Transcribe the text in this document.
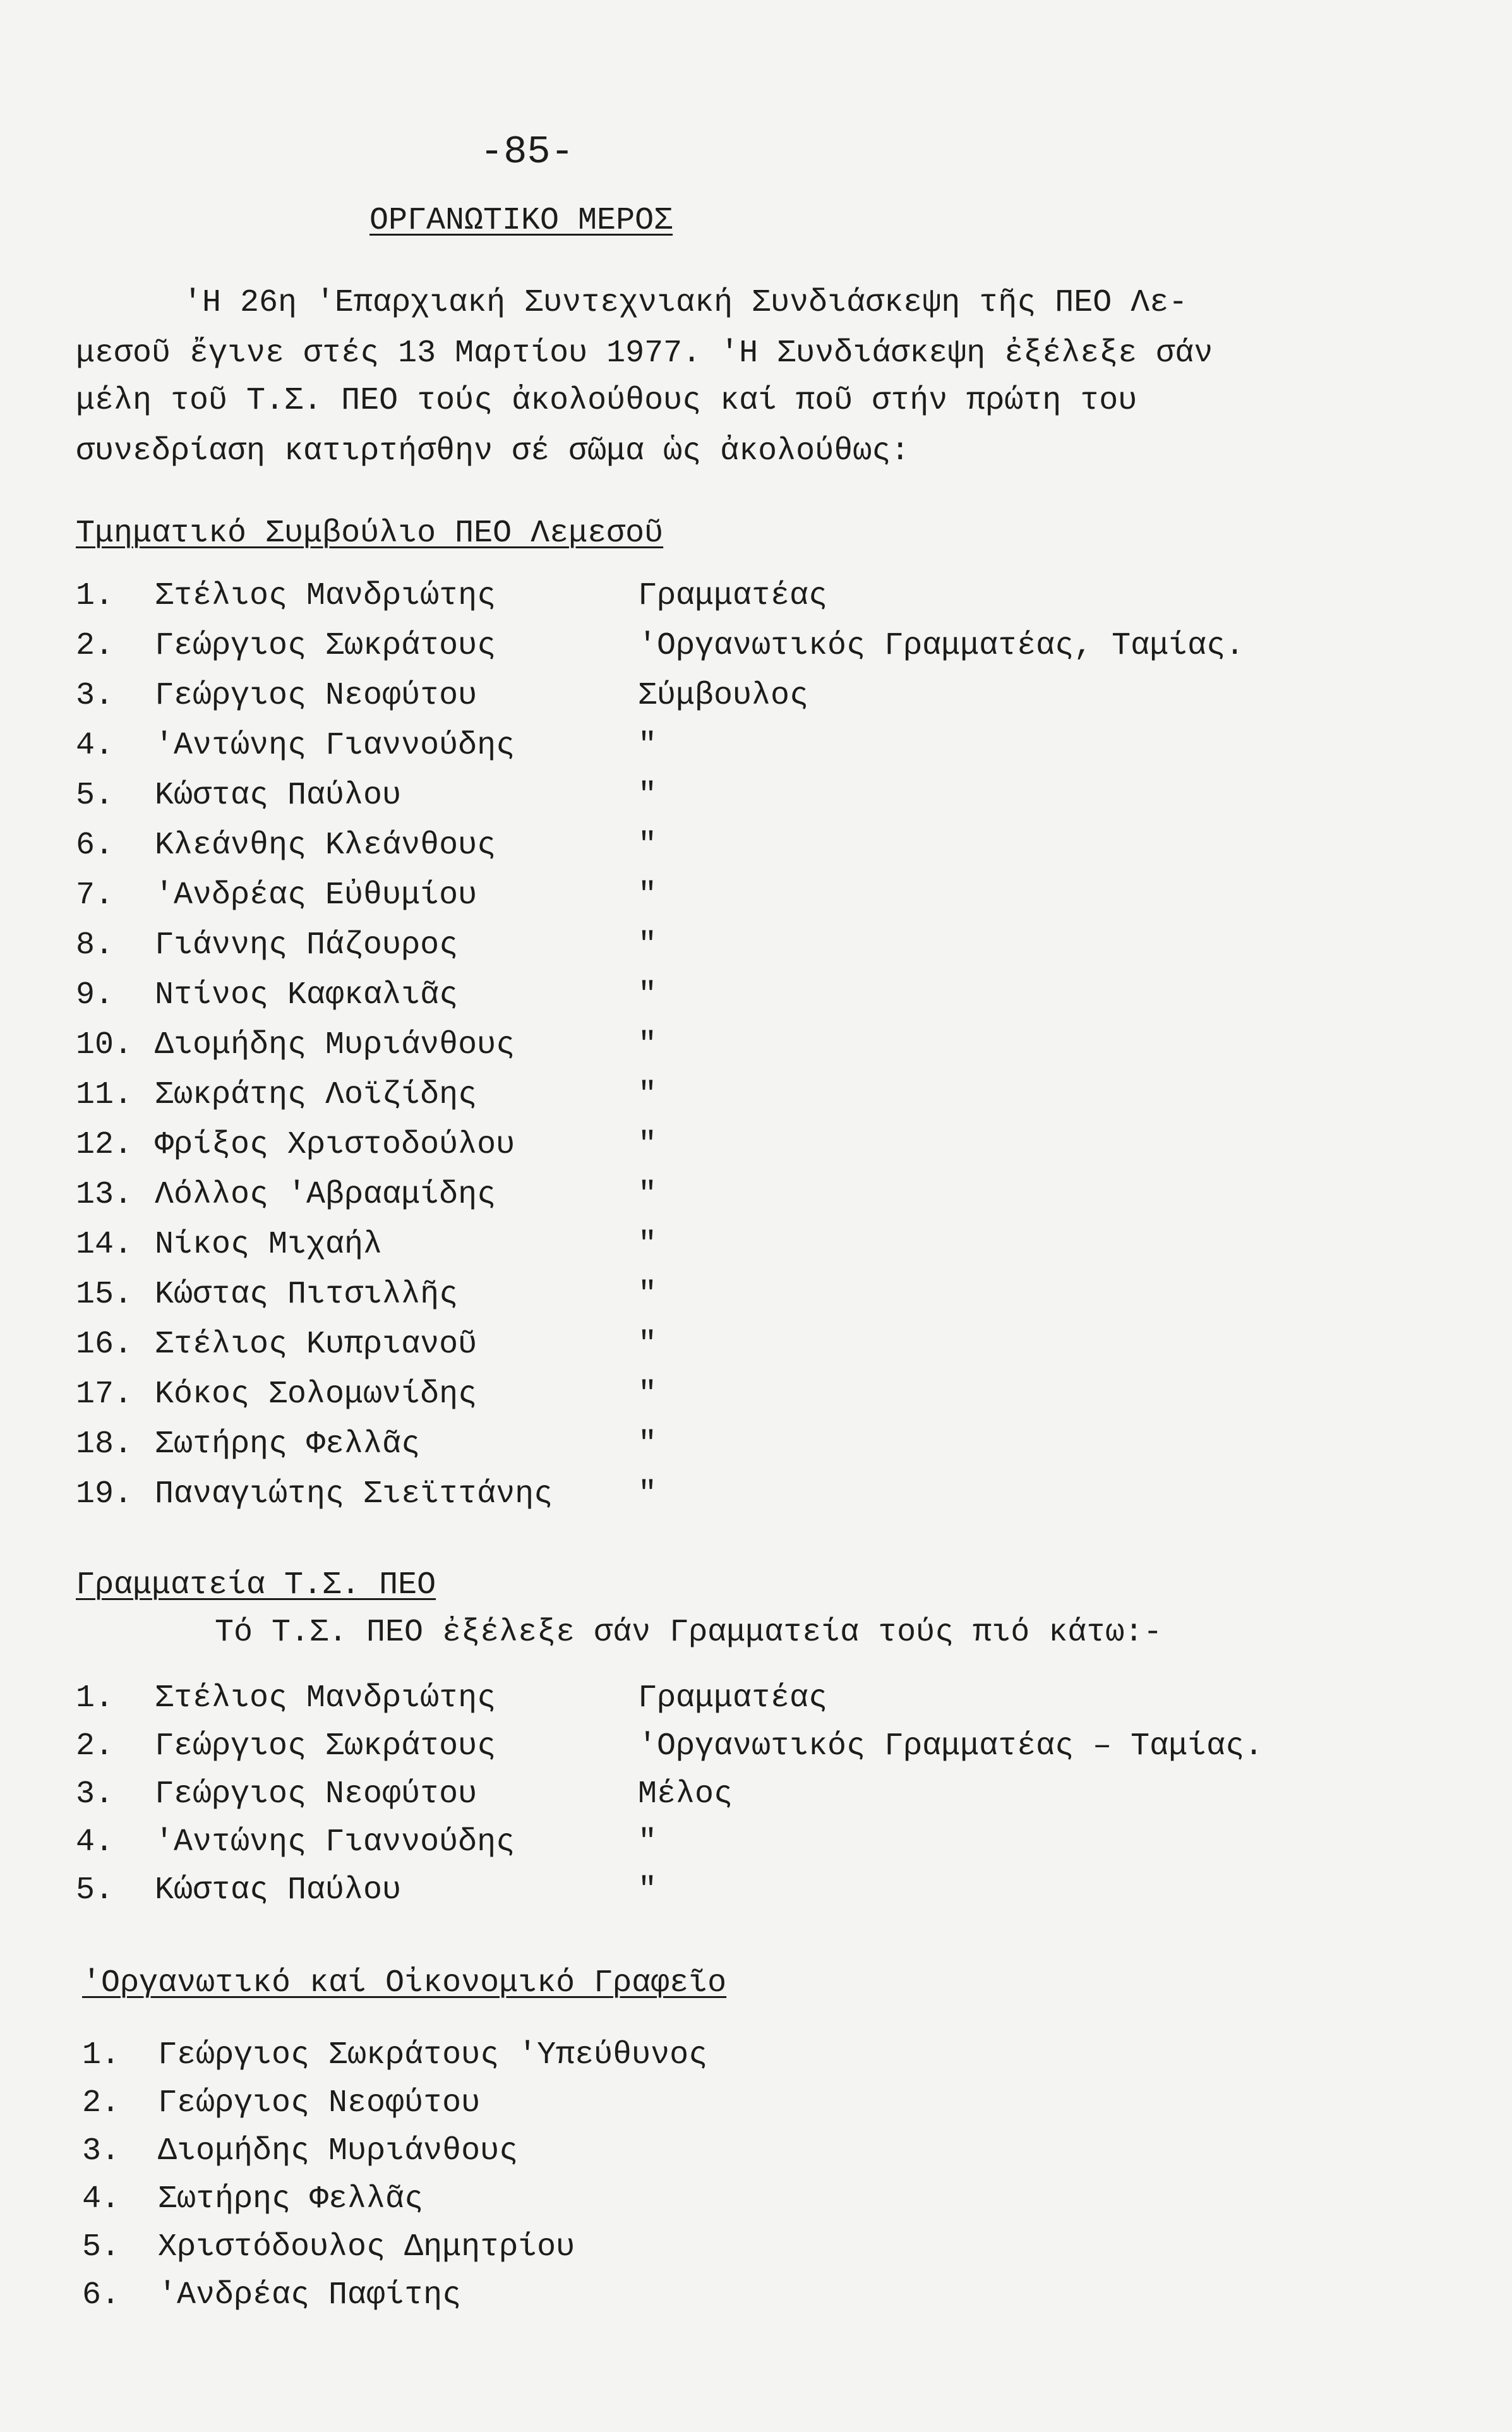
-85-
ΟΡΓΑΝΩΤΙΚΟ ΜΕΡΟΣ
'Η 26η 'Επαρχιακή Συντεχνιακή Συνδιάσκεψη τῆς ΠΕΟ Λε-
μεσοῦ ἔγινε στές 13 Μαρτίου 1977. 'Η Συνδιάσκεψη ἐξέλεξε σάν
μέλη τοῦ Τ.Σ. ΠΕΟ τούς ἀκολούθους καί ποῦ στήν πρώτη του
συνεδρίαση κατιρτήσθην σέ σῶμα ὡς ἀκολούθως:
Τμηματικό Συμβούλιο ΠΕΟ Λεμεσοῦ
1. Στέλιος Μανδριώτης	Γραμματέας
2. Γεώργιος Σωκράτους	'Οργανωτικός Γραμματέας, Ταμίας.
3. Γεώργιος Νεοφύτου	Σύμβουλος
4. 'Αντώνης Γιαννούδης	"
5. Κώστας Παύλου	"
6. Κλεάνθης Κλεάνθους	"
7. 'Ανδρέας Εὐθυμίου	"
8. Γιάννης Πάζουρος	"
9. Ντίνος Καφκαλιᾶς	"
10. Διομήδης Μυριάνθους	"
11. Σωκράτης Λοϊζίδης	"
12. Φρίξος Χριστοδούλου	"
13. Λόλλος 'Αβρααμίδης	"
14. Νίκος Μιχαήλ	"
15. Κώστας Πιτσιλλῆς	"
16. Στέλιος Κυπριανοῦ	"
17. Κόκος Σολομωνίδης	"
18. Σωτήρης Φελλᾶς	"
19. Παναγιώτης Σιεϊττάνης	"
Γραμματεία Τ.Σ. ΠΕΟ
Τό Τ.Σ. ΠΕΟ ἐξέλεξε σάν Γραμματεία τούς πιό κάτω:-
1. Στέλιος Μανδριώτης	Γραμματέας
2. Γεώργιος Σωκράτους	'Οργανωτικός Γραμματέας – Ταμίας.
3. Γεώργιος Νεοφύτου	Μέλος
4. 'Αντώνης Γιαννούδης	"
5. Κώστας Παύλου	"
'Οργανωτικό καί Οἰκονομικό Γραφεῖο
1. Γεώργιος Σωκράτους 'Υπεύθυνος
2. Γεώργιος Νεοφύτου
3. Διομήδης Μυριάνθους
4. Σωτήρης Φελλᾶς
5. Χριστόδουλος Δημητρίου
6. 'Ανδρέας Παφίτης
